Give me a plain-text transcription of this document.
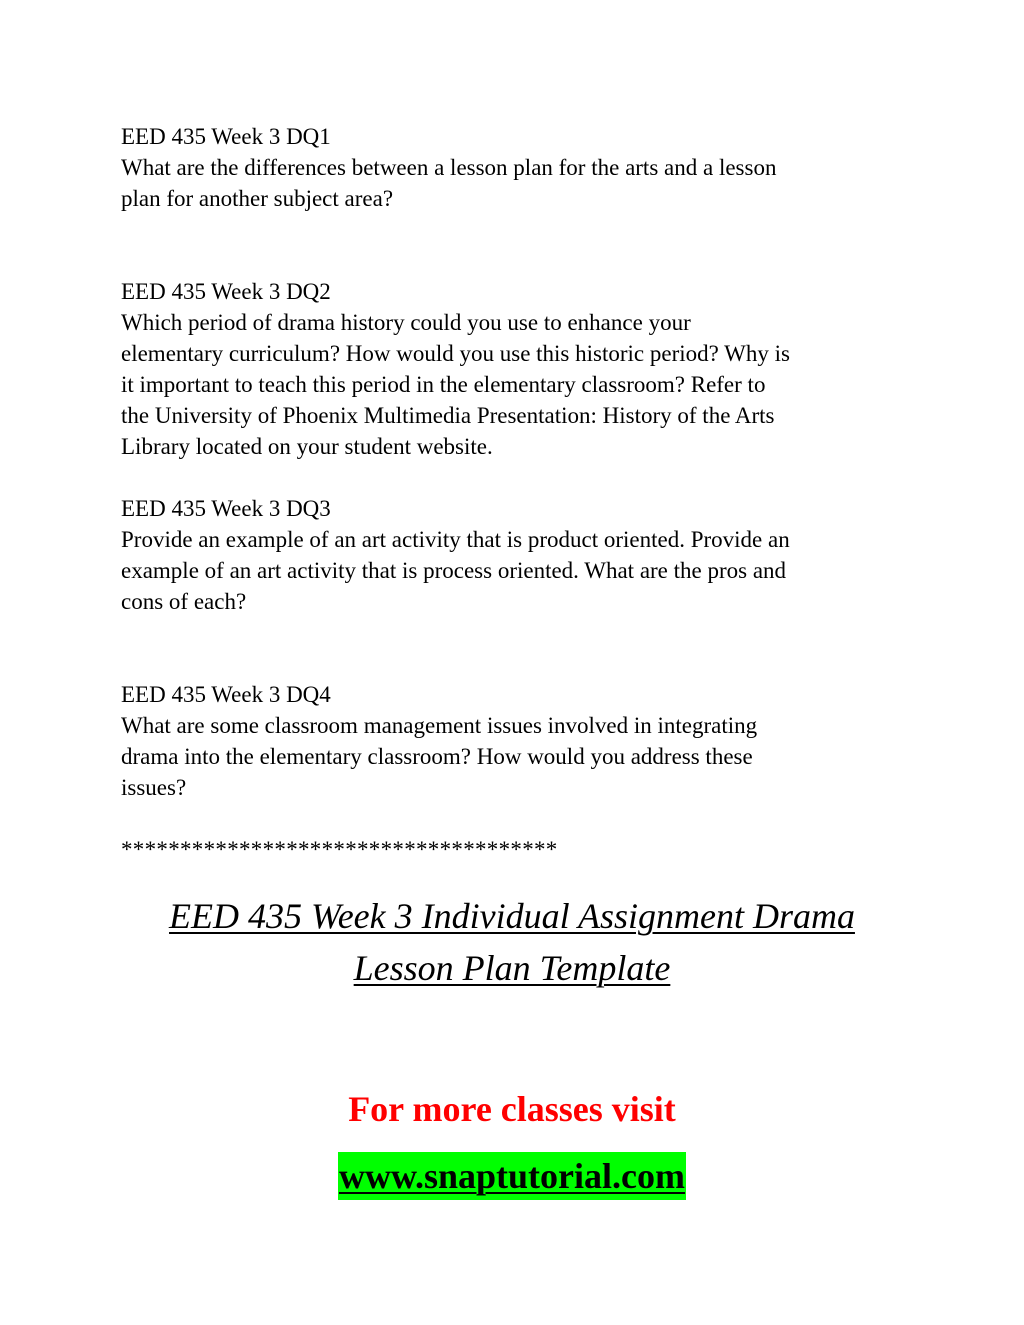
EED 435 Week 3 DQ1

What are the differences between a lesson plan for the arts and a lesson

plan for another subject area?

EED 435 Week 3 DQ2

Which period of drama history could you use to enhance your

elementary curriculum? How would you use this historic period? Why is

it important to teach this period in the elementary classroom? Refer to

the University of Phoenix Multimedia Presentation: History of the Arts

Library located on your student website.

EED 435 Week 3 DQ3

Provide an example of an art activity that is product oriented. Provide an

example of an art activity that is process oriented. What are the pros and

cons of each?

EED 435 Week 3 DQ4

What are some classroom management issues involved in integrating

drama into the elementary classroom? How would you address these

issues?

*************************************

EED 435 Week 3 Individual Assignment Drama
Lesson Plan Template
For more classes visit
www.snaptutorial.com
